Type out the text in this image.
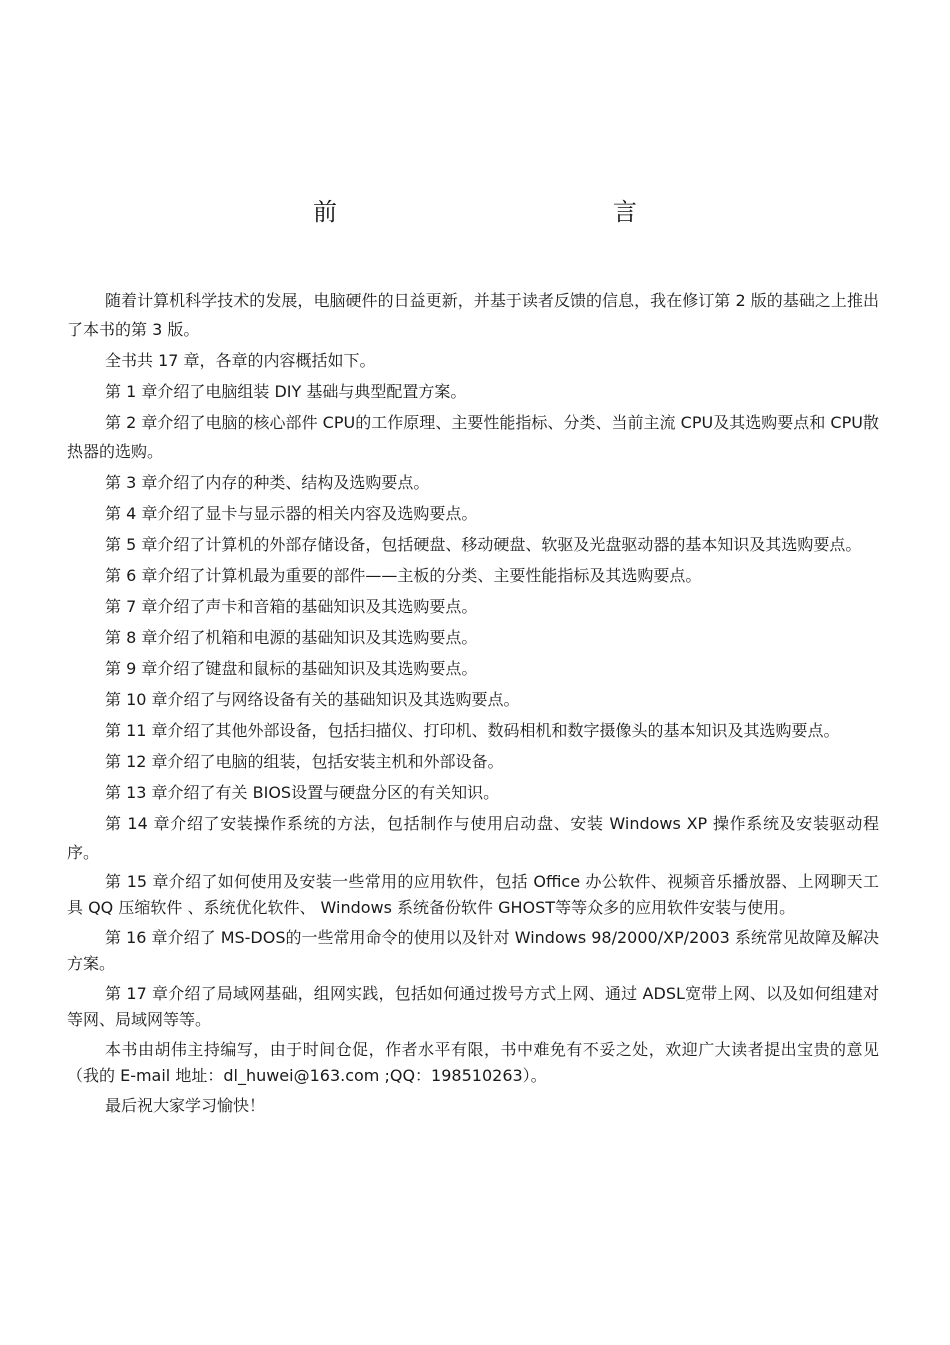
前　　言

随着计算机科学技术的发展，电脑硬件的日益更新，并基于读者反馈的信息，我在修订第 2 版的基础之上推出了本书的第 3 版。

全书共 17 章，各章的内容概括如下。

第 1 章介绍了电脑组装 DIY 基础与典型配置方案。

第 2 章介绍了电脑的核心部件 CPU的工作原理、主要性能指标、分类、当前主流 CPU及其选购要点和 CPU散热器的选购。

第 3 章介绍了内存的种类、结构及选购要点。

第 4 章介绍了显卡与显示器的相关内容及选购要点。

第 5 章介绍了计算机的外部存储设备，包括硬盘、移动硬盘、软驱及光盘驱动器的基本知识及其选购要点。

第 6 章介绍了计算机最为重要的部件——主板的分类、主要性能指标及其选购要点。

第 7 章介绍了声卡和音箱的基础知识及其选购要点。

第 8 章介绍了机箱和电源的基础知识及其选购要点。

第 9 章介绍了键盘和鼠标的基础知识及其选购要点。

第 10 章介绍了与网络设备有关的基础知识及其选购要点。

第 11 章介绍了其他外部设备，包括扫描仪、打印机、数码相机和数字摄像头的基本知识及其选购要点。

第 12 章介绍了电脑的组装，包括安装主机和外部设备。

第 13 章介绍了有关 BIOS设置与硬盘分区的有关知识。

第 14 章介绍了安装操作系统的方法，包括制作与使用启动盘、安装 Windows XP 操作系统及安装驱动程序。

第 15 章介绍了如何使用及安装一些常用的应用软件，包括 Office 办公软件、视频音乐播放器、上网聊天工具 QQ 压缩软件 、系统优化软件、 Windows 系统备份软件 GHOST等等众多的应用软件安装与使用。

第 16 章介绍了 MS-DOS的一些常用命令的使用以及针对 Windows 98/2000/XP/2003 系统常见故障及解决方案。

第 17 章介绍了局域网基础，组网实践，包括如何通过拨号方式上网、通过 ADSL宽带上网、以及如何组建对等网、局域网等等。

本书由胡伟主持编写，由于时间仓促，作者水平有限，书中难免有不妥之处，欢迎广大读者提出宝贵的意见（我的 E-mail 地址：dl_huwei@163.com ;QQ：198510263）。

最后祝大家学习愉快！
